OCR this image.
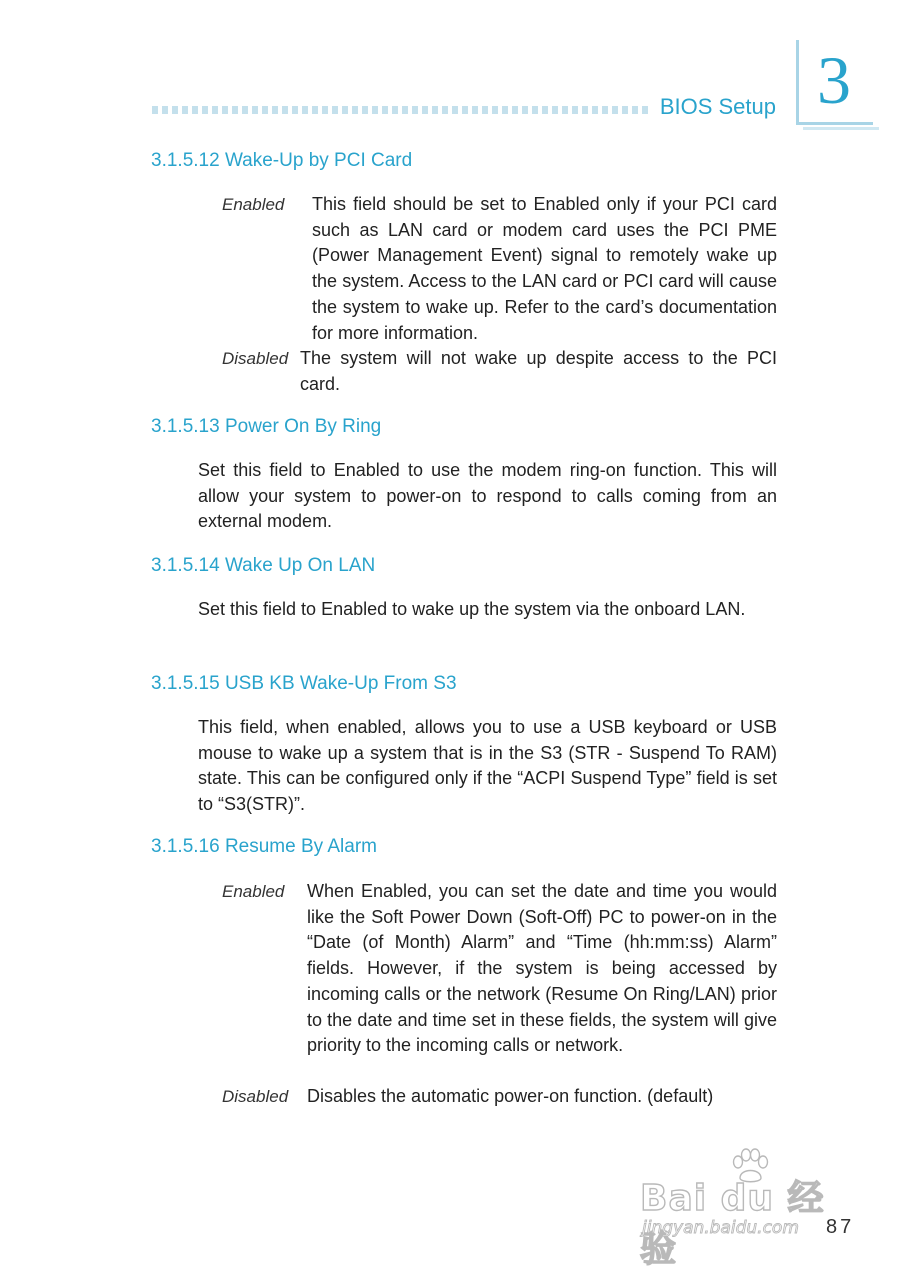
BIOS Setup 3
3.1.5.12 Wake-Up by PCI Card
Enabled This field should be set to Enabled only if your PCI card such as LAN card or modem card uses the PCI PME (Power Management Event) signal to remotely wake up the system. Access to the LAN card or PCI card will cause the system to wake up. Refer to the card’s documentation for more information.

Disabled The system will not wake up despite access to the PCI card.

3.1.5.13 Power On By Ring

Set this field to Enabled to use the modem ring-on function. This will allow your system to power-on to respond to calls coming from an external modem.

3.1.5.14 Wake Up On LAN

Set this field to Enabled to wake up the system via the onboard LAN.

3.1.5.15 USB KB Wake-Up From S3

This field, when enabled, allows you to use a USB keyboard or USB mouse to wake up a system that is in the S3 (STR - Suspend To RAM) state. This can be configured only if the “ACPI Suspend Type” field is set to “S3(STR)”.

3.1.5.16 Resume By Alarm
Enabled When Enabled, you can set the date and time you would like the Soft Power Down (Soft-Off) PC to power-on in the “Date (of Month) Alarm” and “Time (hh:mm:ss) Alarm” fields. However, if the system is being accessed by incoming calls or the network (Resume On Ring/LAN) prior to the date and time set in these fields, the system will give priority to the incoming calls or network.

Disabled Disables the automatic power-on function. (default)

Bai du 经验
jingyan.baidu.com 87
